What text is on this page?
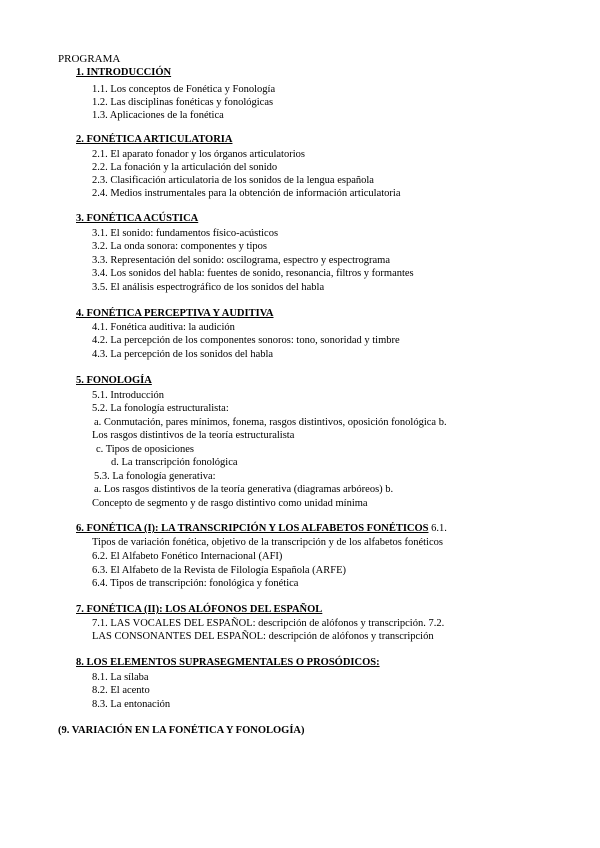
PROGRAMA
1. INTRODUCCIÓN
1.1. Los conceptos de Fonética y Fonología
1.2. Las disciplinas fonéticas y fonológicas
1.3. Aplicaciones de la fonética
2. FONÉTICA ARTICULATORIA
2.1. El aparato fonador y los órganos articulatorios
2.2. La fonación y la articulación del sonido
2.3. Clasificación articulatoria de los sonidos de la lengua española
2.4. Medios instrumentales para la obtención de información articulatoria
3. FONÉTICA ACÚSTICA
3.1. El sonido: fundamentos físico-acústicos
3.2. La onda sonora: componentes y tipos
3.3. Representación del sonido: oscilograma, espectro y espectrograma
3.4. Los sonidos del habla: fuentes de sonido, resonancia, filtros y formantes
3.5. El análisis espectrográfico de los sonidos del habla
4. FONÉTICA PERCEPTIVA Y AUDITIVA
4.1. Fonética auditiva: la audición
4.2. La percepción de los componentes sonoros: tono, sonoridad y timbre
4.3. La percepción de los sonidos del habla
5. FONOLOGÍA
5.1. Introducción
5.2. La fonología estructuralista:
a. Conmutación, pares mínimos, fonema, rasgos distintivos, oposición fonológica b.
Los rasgos distintivos de la teoría estructuralista
c. Tipos de oposiciones
d. La transcripción fonológica
5.3. La fonología generativa:
a. Los rasgos distintivos de la teoría generativa (diagramas arbóreos) b.
Concepto de segmento y de rasgo distintivo como unidad mínima
6. FONÉTICA (I): LA TRANSCRIPCIÓN Y LOS ALFABETOS FONÉTICOS 6.1.
Tipos de variación fonética, objetivo de la transcripción y de los alfabetos fonéticos
6.2. El Alfabeto Fonético Internacional (AFI)
6.3. El Alfabeto de la Revista de Filología Española (ARFE)
6.4. Tipos de transcripción: fonológica y fonética
7. FONÉTICA (II): LOS ALÓFONOS DEL ESPAÑOL
7.1. LAS VOCALES DEL ESPAÑOL: descripción de alófonos y transcripción. 7.2.
LAS CONSONANTES DEL ESPAÑOL: descripción de alófonos y transcripción
8. LOS ELEMENTOS SUPRASEGMENTALES O PROSÓDICOS:
8.1. La sílaba
8.2. El acento
8.3. La entonación
(9. VARIACIÓN EN LA FONÉTICA Y FONOLOGÍA)
